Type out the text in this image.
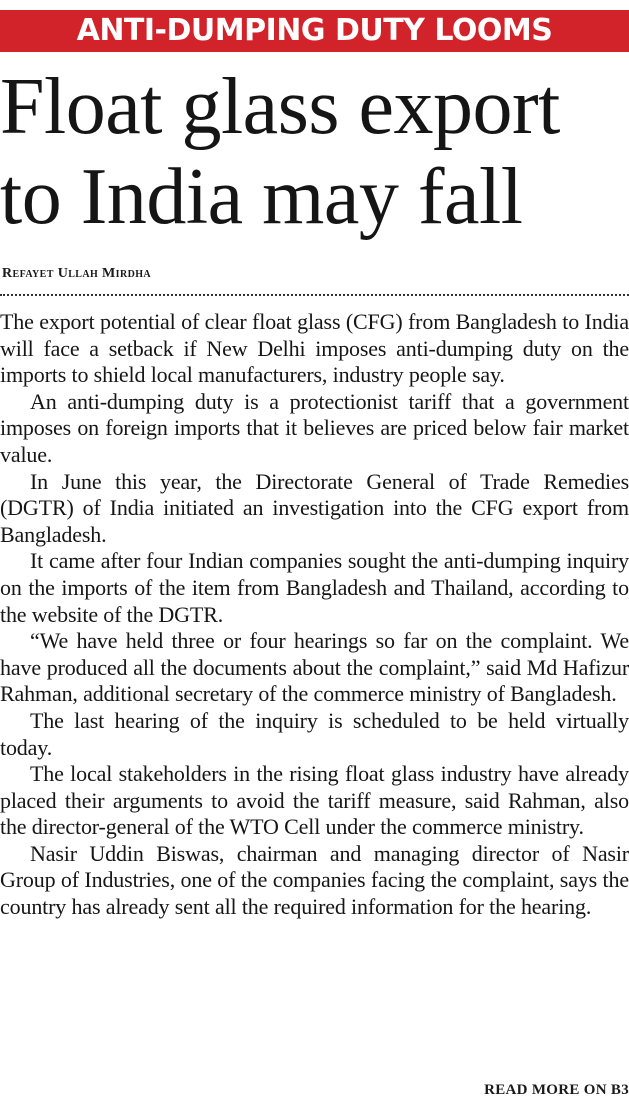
ANTI-DUMPING DUTY LOOMS
Float glass export
to India may fall
Refayet Ullah Mirdha

The export potential of clear float glass (CFG) from Bangladesh to India will face a setback if New Delhi imposes anti-dumping duty on the imports to shield local manufacturers, industry people say.

An anti-dumping duty is a protectionist tariff that a government imposes on foreign imports that it believes are priced below fair market value.

In June this year, the Directorate General of Trade Remedies (DGTR) of India initiated an investigation into the CFG export from Bangladesh.

It came after four Indian companies sought the anti-dumping inquiry on the imports of the item from Bangladesh and Thailand, according to the website of the DGTR.

“We have held three or four hearings so far on the complaint. We have produced all the documents about the complaint,” said Md Hafizur Rahman, additional secretary of the commerce ministry of Bangladesh.

The last hearing of the inquiry is scheduled to be held virtually today.

The local stakeholders in the rising float glass industry have already placed their arguments to avoid the tariff measure, said Rahman, also the director-general of the WTO Cell under the commerce ministry.

Nasir Uddin Biswas, chairman and managing director of Nasir Group of Industries, one of the companies facing the complaint, says the country has already sent all the required information for the hearing.

READ MORE ON B3
